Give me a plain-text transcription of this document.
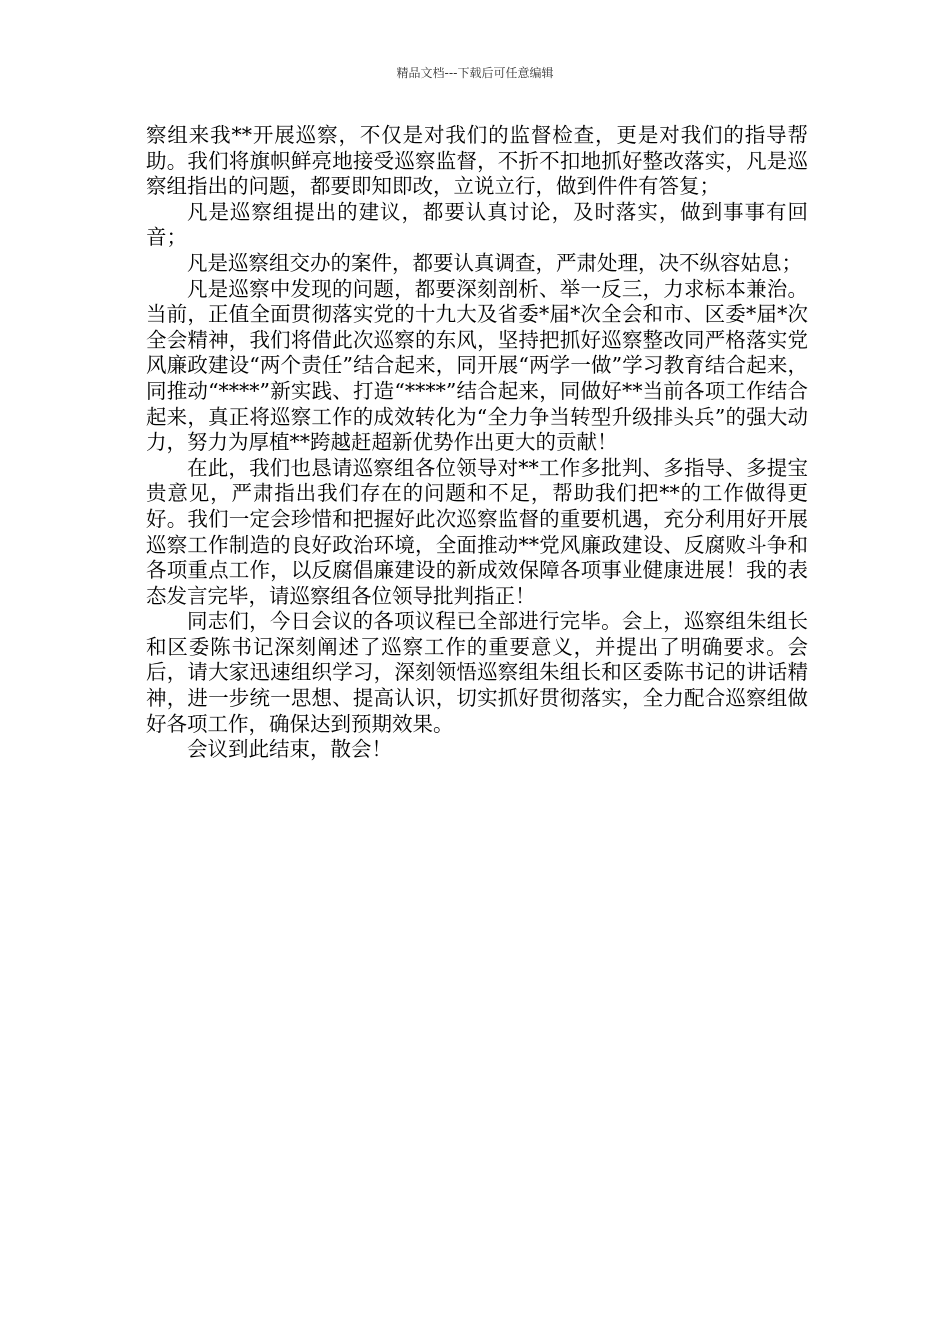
精品文档---下载后可任意编辑

察组来我**开展巡察，不仅是对我们的监督检查，更是对我们的指导帮助。我们将旗帜鲜亮地接受巡察监督，不折不扣地抓好整改落实，凡是巡察组指出的问题，都要即知即改，立说立行，做到件件有答复；

凡是巡察组提出的建议，都要认真讨论，及时落实，做到事事有回音；

凡是巡察组交办的案件，都要认真调查，严肃处理，决不纵容姑息；

凡是巡察中发现的问题，都要深刻剖析、举一反三，力求标本兼治。当前，正值全面贯彻落实党的十九大及省委*届*次全会和市、区委*届*次全会精神，我们将借此次巡察的东风，坚持把抓好巡察整改同严格落实党风廉政建设“两个责任”结合起来，同开展“两学一做”学习教育结合起来，同推动“****”新实践、打造“****”结合起来，同做好**当前各项工作结合起来，真正将巡察工作的成效转化为“全力争当转型升级排头兵”的强大动力，努力为厚植**跨越赶超新优势作出更大的贡献！

在此，我们也恳请巡察组各位领导对**工作多批判、多指导、多提宝贵意见，严肃指出我们存在的问题和不足，帮助我们把**的工作做得更好。我们一定会珍惜和把握好此次巡察监督的重要机遇，充分利用好开展巡察工作制造的良好政治环境，全面推动**党风廉政建设、反腐败斗争和各项重点工作，以反腐倡廉建设的新成效保障各项事业健康进展！我的表态发言完毕，请巡察组各位领导批判指正！

同志们，今日会议的各项议程已全部进行完毕。会上，巡察组朱组长和区委陈书记深刻阐述了巡察工作的重要意义，并提出了明确要求。会后，请大家迅速组织学习，深刻领悟巡察组朱组长和区委陈书记的讲话精神，进一步统一思想、提高认识，切实抓好贯彻落实，全力配合巡察组做好各项工作，确保达到预期效果。

会议到此结束，散会！
